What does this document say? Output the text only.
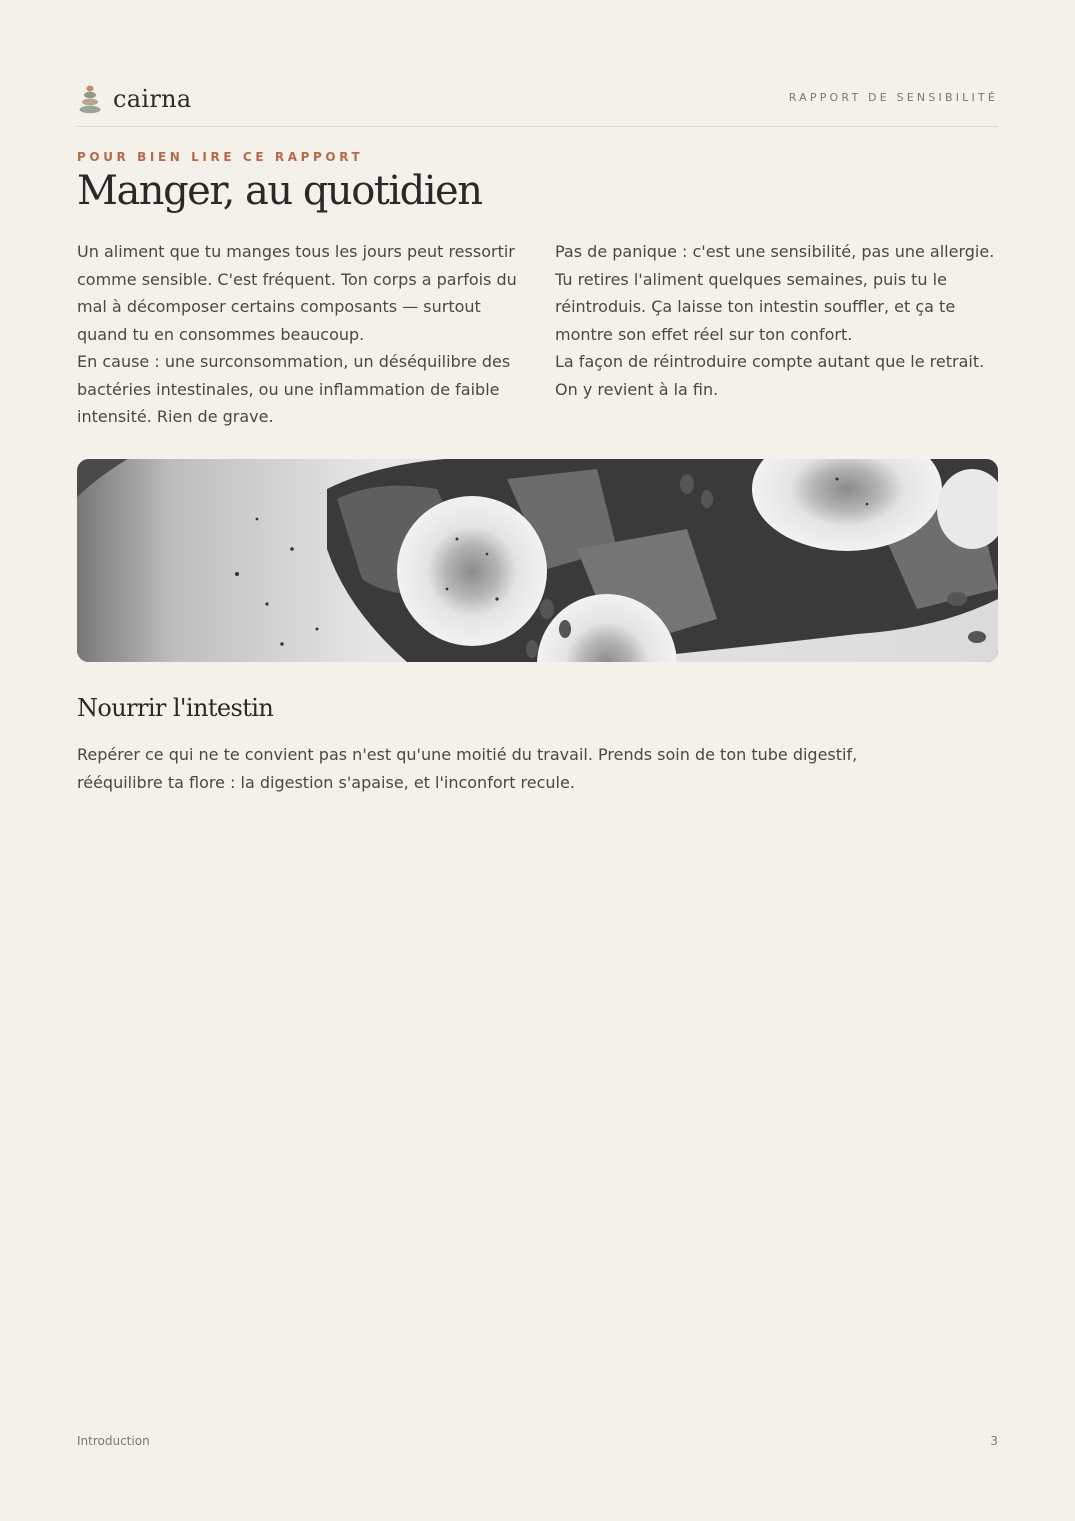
cairna	RAPPORT DE SENSIBILITÉ
POUR BIEN LIRE CE RAPPORT
Manger, au quotidien

Un aliment que tu manges tous les jours peut ressortir comme sensible. C'est fréquent. Ton corps a parfois du mal à décomposer certains composants — surtout quand tu en consommes beaucoup.

En cause : une surconsommation, un déséquilibre des bactéries intestinales, ou une inflammation de faible intensité. Rien de grave.

Pas de panique : c'est une sensibilité, pas une allergie. Tu retires l'aliment quelques semaines, puis tu le réintroduis. Ça laisse ton intestin souffler, et ça te montre son effet réel sur ton confort.

La façon de réintroduire compte autant que le retrait. On y revient à la fin.

Nourrir l'intestin

Repérer ce qui ne te convient pas n'est qu'une moitié du travail. Prends soin de ton tube digestif, rééquilibre ta flore : la digestion s'apaise, et l'inconfort recule.

Introduction	3
